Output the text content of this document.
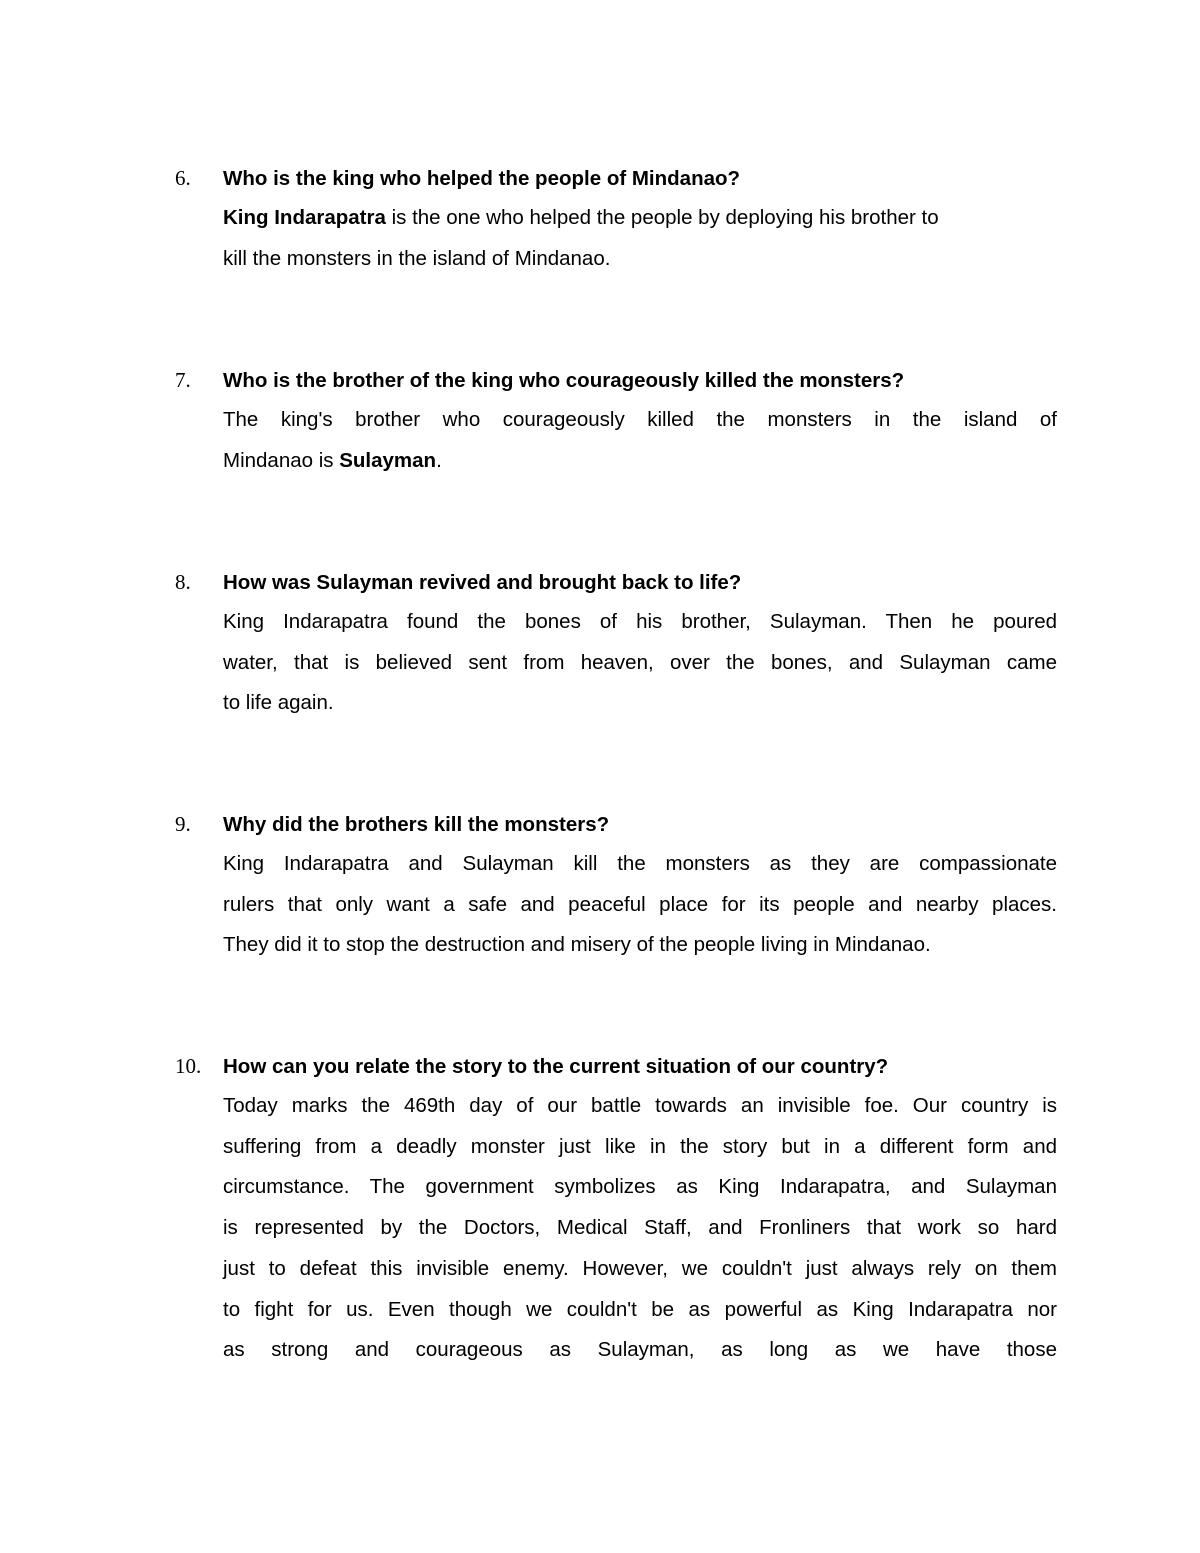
6. Who is the king who helped the people of Mindanao?
King Indarapatra is the one who helped the people by deploying his brother to
kill the monsters in the island of Mindanao.
7. Who is the brother of the king who courageously killed the monsters?
The king's brother who courageously killed the monsters in the island of
Mindanao is Sulayman.
8. How was Sulayman revived and brought back to life?
King Indarapatra found the bones of his brother, Sulayman. Then he poured
water, that is believed sent from heaven, over the bones, and Sulayman came
to life again.
9. Why did the brothers kill the monsters?
King Indarapatra and Sulayman kill the monsters as they are compassionate
rulers that only want a safe and peaceful place for its people and nearby places.
They did it to stop the destruction and misery of the people living in Mindanao.
10. How can you relate the story to the current situation of our country?
Today marks the 469th day of our battle towards an invisible foe. Our country is
suffering from a deadly monster just like in the story but in a different form and
circumstance. The government symbolizes as King Indarapatra, and Sulayman
is represented by the Doctors, Medical Staff, and Fronliners that work so hard
just to defeat this invisible enemy. However, we couldn't just always rely on them
to fight for us. Even though we couldn't be as powerful as King Indarapatra nor
as strong and courageous as Sulayman, as long as we have those
